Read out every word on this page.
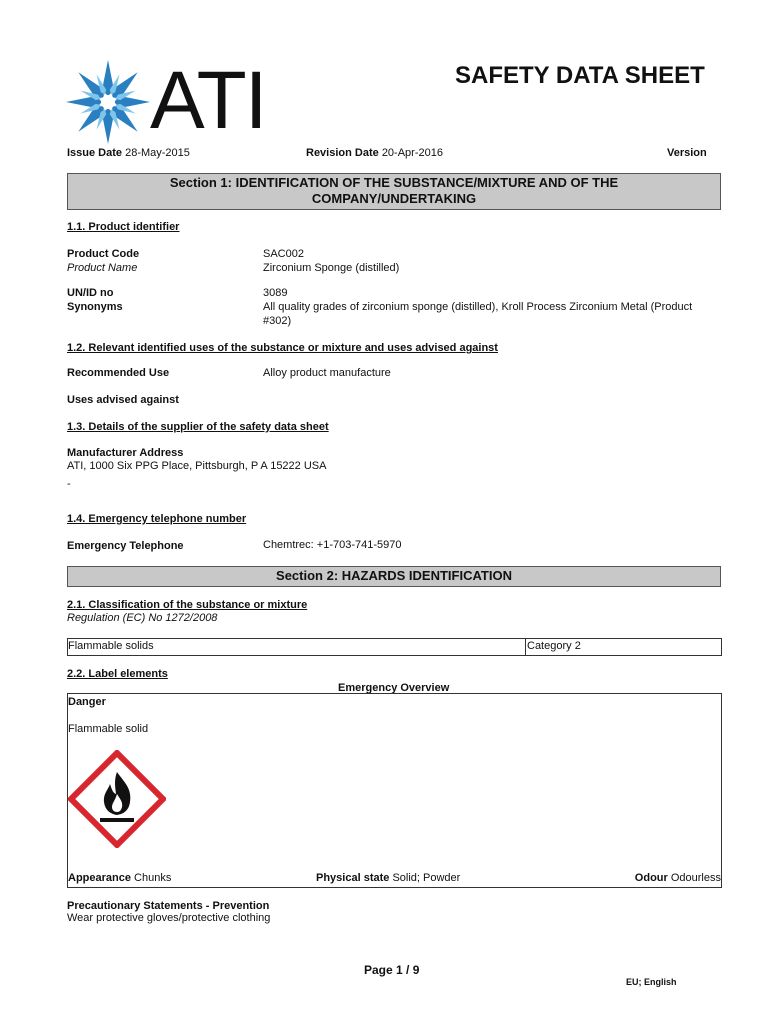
ATI	SAFETY DATA SHEET
Issue Date 28-May-2015	Revision Date 20-Apr-2016	Version
Section 1: IDENTIFICATION OF THE SUBSTANCE/MIXTURE AND OF THE
COMPANY/UNDERTAKING
1.1. Product identifier
Product Code	SAC002
Product Name	Zirconium Sponge (distilled)
UN/ID no	3089
Synonyms	All quality grades of zirconium sponge (distilled), Kroll Process Zirconium Metal (Product
#302)
1.2. Relevant identified uses of the substance or mixture and uses advised against
Recommended Use	Alloy product manufacture
Uses advised against
1.3. Details of the supplier of the safety data sheet
Manufacturer Address
ATI, 1000 Six PPG Place, Pittsburgh, P A 15222 USA
-
1.4. Emergency telephone number
Emergency Telephone	Chemtrec: +1-703-741-5970
Section 2: HAZARDS IDENTIFICATION
2.1. Classification of the substance or mixture
Regulation (EC) No 1272/2008
Flammable solids	Category 2
2.2. Label elements
Emergency Overview
Danger
Flammable solid
Appearance Chunks	Physical state Solid; Powder	Odour Odourless
Precautionary Statements - Prevention
Wear protective gloves/protective clothing
Page 1 / 9
EU; English
